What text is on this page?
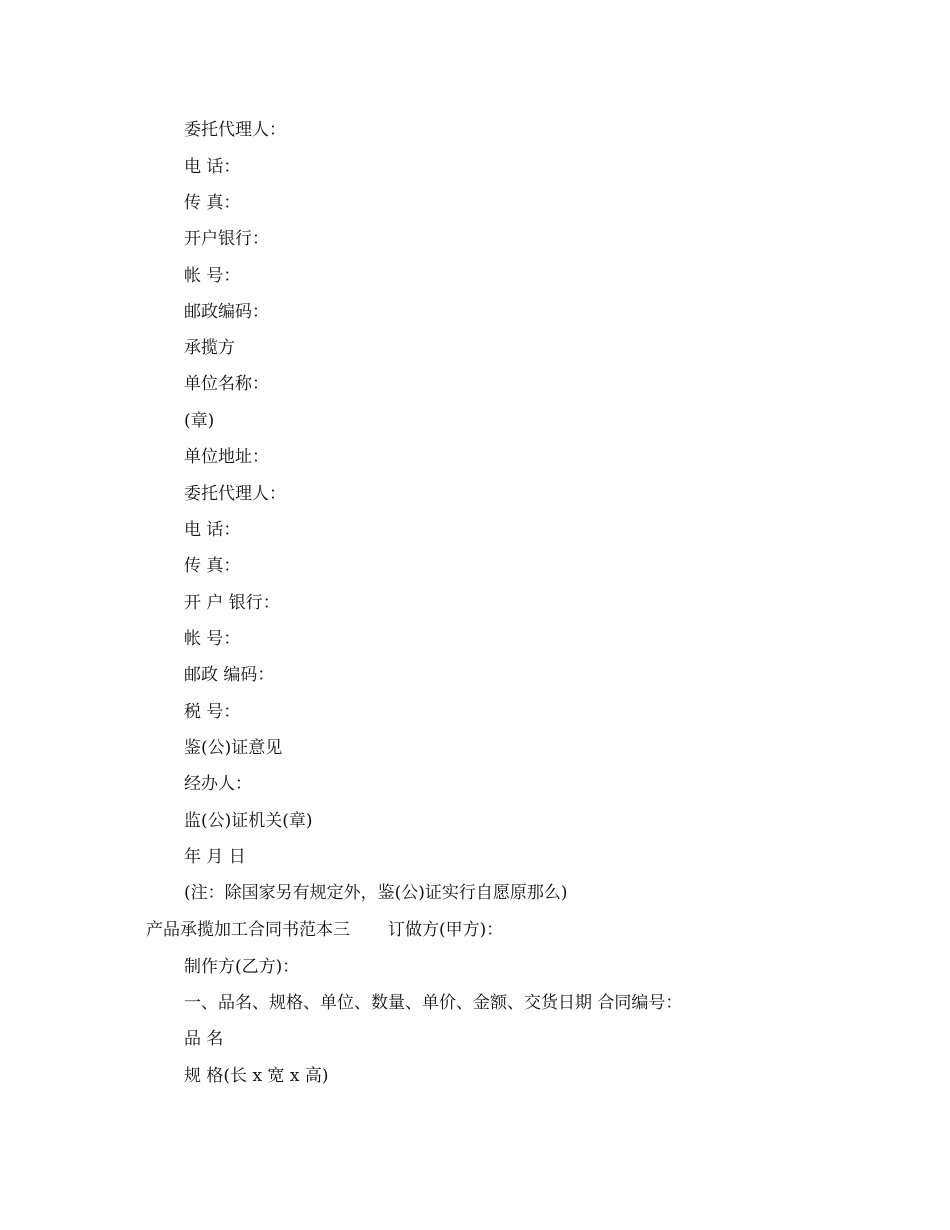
委托代理人：
电 话：
传 真：
开户银行：
帐 号：
邮政编码：
承揽方
单位名称：
(章)
单位地址：
委托代理人：
电 话：
传 真：
开 户 银行：
帐 号：
邮政 编码：
税 号：
鉴(公)证意见
经办人：
监(公)证机关(章)
年 月 日
(注：除国家另有规定外，鉴(公)证实行自愿原那么)
产品承揽加工合同书范本三 订做方(甲方)：
制作方(乙方)：
一、品名、规格、单位、数量、单价、金额、交货日期 合同编号：
品 名
规 格(长 x 宽 x 高)
